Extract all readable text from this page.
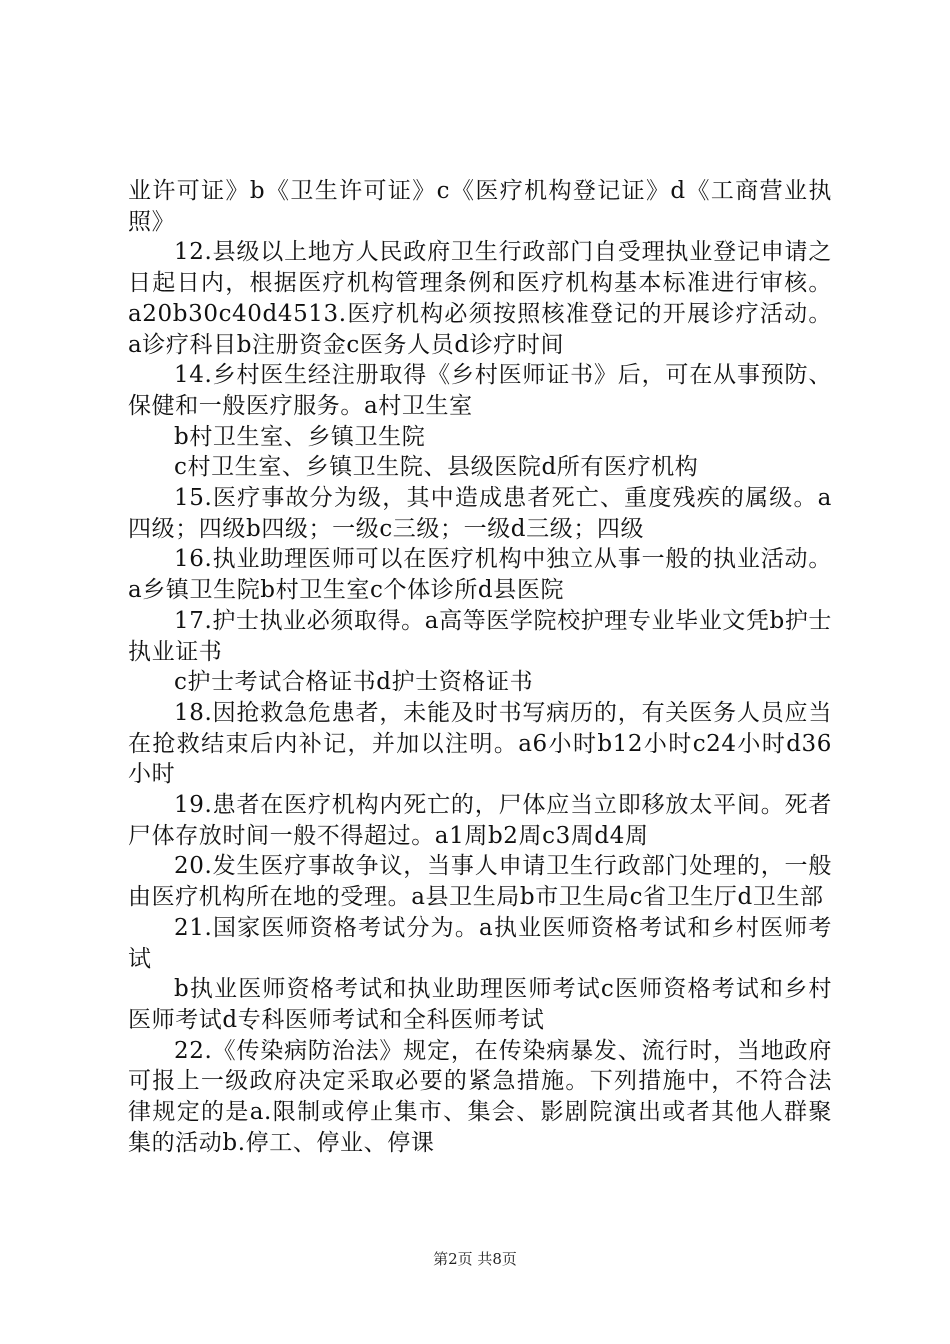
业许可证》b《卫生许可证》c《医疗机构登记证》d《工商营业执照》

12.县级以上地方人民政府卫生行政部门自受理执业登记申请之日起日内，根据医疗机构管理条例和医疗机构基本标准进行审核。a20b30c40d4513.医疗机构必须按照核准登记的开展诊疗活动。a诊疗科目b注册资金c医务人员d诊疗时间

14.乡村医生经注册取得《乡村医师证书》后，可在从事预防、保健和一般医疗服务。a村卫生室

b村卫生室、乡镇卫生院

c村卫生室、乡镇卫生院、县级医院d所有医疗机构

15.医疗事故分为级，其中造成患者死亡、重度残疾的属级。a四级；四级b四级；一级c三级；一级d三级；四级

16.执业助理医师可以在医疗机构中独立从事一般的执业活动。a乡镇卫生院b村卫生室c个体诊所d县医院

17.护士执业必须取得。a高等医学院校护理专业毕业文凭b护士执业证书

c护士考试合格证书d护士资格证书

18.因抢救急危患者，未能及时书写病历的，有关医务人员应当在抢救结束后内补记，并加以注明。a6小时b12小时c24小时d36小时

19.患者在医疗机构内死亡的，尸体应当立即移放太平间。死者尸体存放时间一般不得超过。a1周b2周c3周d4周

20.发生医疗事故争议，当事人申请卫生行政部门处理的，一般由医疗机构所在地的受理。a县卫生局b市卫生局c省卫生厅d卫生部

21.国家医师资格考试分为。a执业医师资格考试和乡村医师考试

b执业医师资格考试和执业助理医师考试c医师资格考试和乡村医师考试d专科医师考试和全科医师考试

22.《传染病防治法》规定，在传染病暴发、流行时，当地政府可报上一级政府决定采取必要的紧急措施。下列措施中，不符合法律规定的是a.限制或停止集市、集会、影剧院演出或者其他人群聚集的活动b.停工、停业、停课

第2页 共8页
